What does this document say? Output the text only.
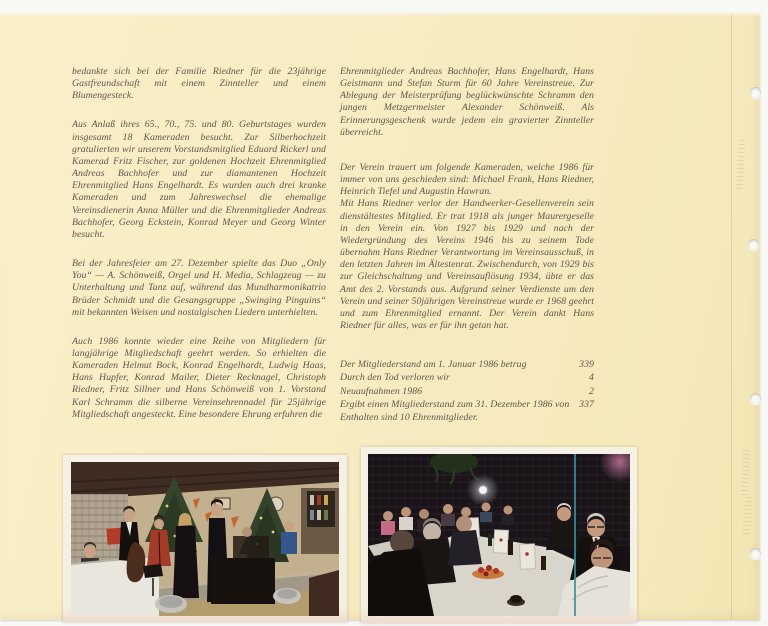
bedankte sich bei der Familie Riedner für die 23jährige Gastfreundschaft mit einem Zinnteller und einem Blumengesteck.

Aus Anlaß ihres 65., 70., 75. und 80. Geburtstages wurden insgesamt 18 Kameraden besucht. Zur Silberhochzeit gratulierten wir unserem Vorstandsmitglied Eduard Rickerl und Kamerad Fritz Fischer, zur goldenen Hochzeit Ehrenmitglied Andreas Bachhofer und zur diamantenen Hochzeit Ehrenmitglied Hans Engelhardt. Es wurden auch drei kranke Kameraden und zum Jahreswechsel die ehemalige Vereinsdienerin Anna Müller und die Ehrenmitglieder Andreas Bachhofer, Georg Eckstein, Konrad Meyer und Georg Winter besucht.

Bei der Jahresfeier am 27. Dezember spielte das Duo „Only You“ — A. Schönweiß, Orgel und H. Media, Schlagzeug — zu Unterhaltung und Tanz auf, während das Mundharmonikatrio Brüder Schmidt und die Gesangsgruppe „Swinging Pinguins“ mit bekannten Weisen und nostalgischen Liedern unterhielten.

Auch 1986 konnte wieder eine Reihe von Mitgliedern für langjährige Mitgliedschaft geehrt werden. So erhielten die Kameraden Helmut Bock, Konrad Engelhardt, Ludwig Haas, Hans Hupfer, Konrad Mailer, Dieter Recknagel, Christoph Riedner, Fritz Sillner und Hans Schönweiß von 1. Vorstand Karl Schramm die silberne Vereinsehrennadel für 25jährige Mitgliedschaft angesteckt. Eine besondere Ehrung erfuhren die

Ehrenmitglieder Andreas Bachhofer, Hans Engelhardt, Hans Geistmann und Stefan Sturm für 60 Jahre Vereinstreue. Zur Ablegung der Meisterprüfung beglückwünschte Schramm den jungen Metzgermeister Alexander Schönweiß. Als Erinnerungsgeschenk wurde jedem ein gravierter Zinnteller überreicht.

Der Verein trauert um folgende Kameraden, welche 1986 für immer von uns geschieden sind: Michael Frank, Hans Riedner, Heinrich Tiefel und Augustin Hawran.

Mit Hans Riedner verlor der Handwerker-Gesellenverein sein dienstältestes Mitglied. Er trat 1918 als junger Maurergeselle in den Verein ein. Von 1927 bis 1929 und nach der Wiedergründung des Vereins 1946 bis zu seinem Tode übernahm Hans Riedner Verantwortung im Vereinsausschuß, in den letzten Jahren im Ältestenrat. Zwischendurch, von 1929 bis zur Gleichschaltung und Vereinsauflösung 1934, übte er das Amt des 2. Vorstands aus. Aufgrund seiner Verdienste um den Verein und seiner 50jährigen Vereinstreue wurde er 1968 geehrt und zum Ehrenmitglied ernannt. Der Verein dankt Hans Riedner für alles, was er für ihn getan hat.

Der Mitgliederstand am 1. Januar 1986 betrug	339
Durch den Tod verloren wir	4
Neuaufnahmen 1986	2
Ergibt einen Mitgliederstand zum 31. Dezember 1986 von 337
Enthalten sind 10 Ehrenmitglieder.
